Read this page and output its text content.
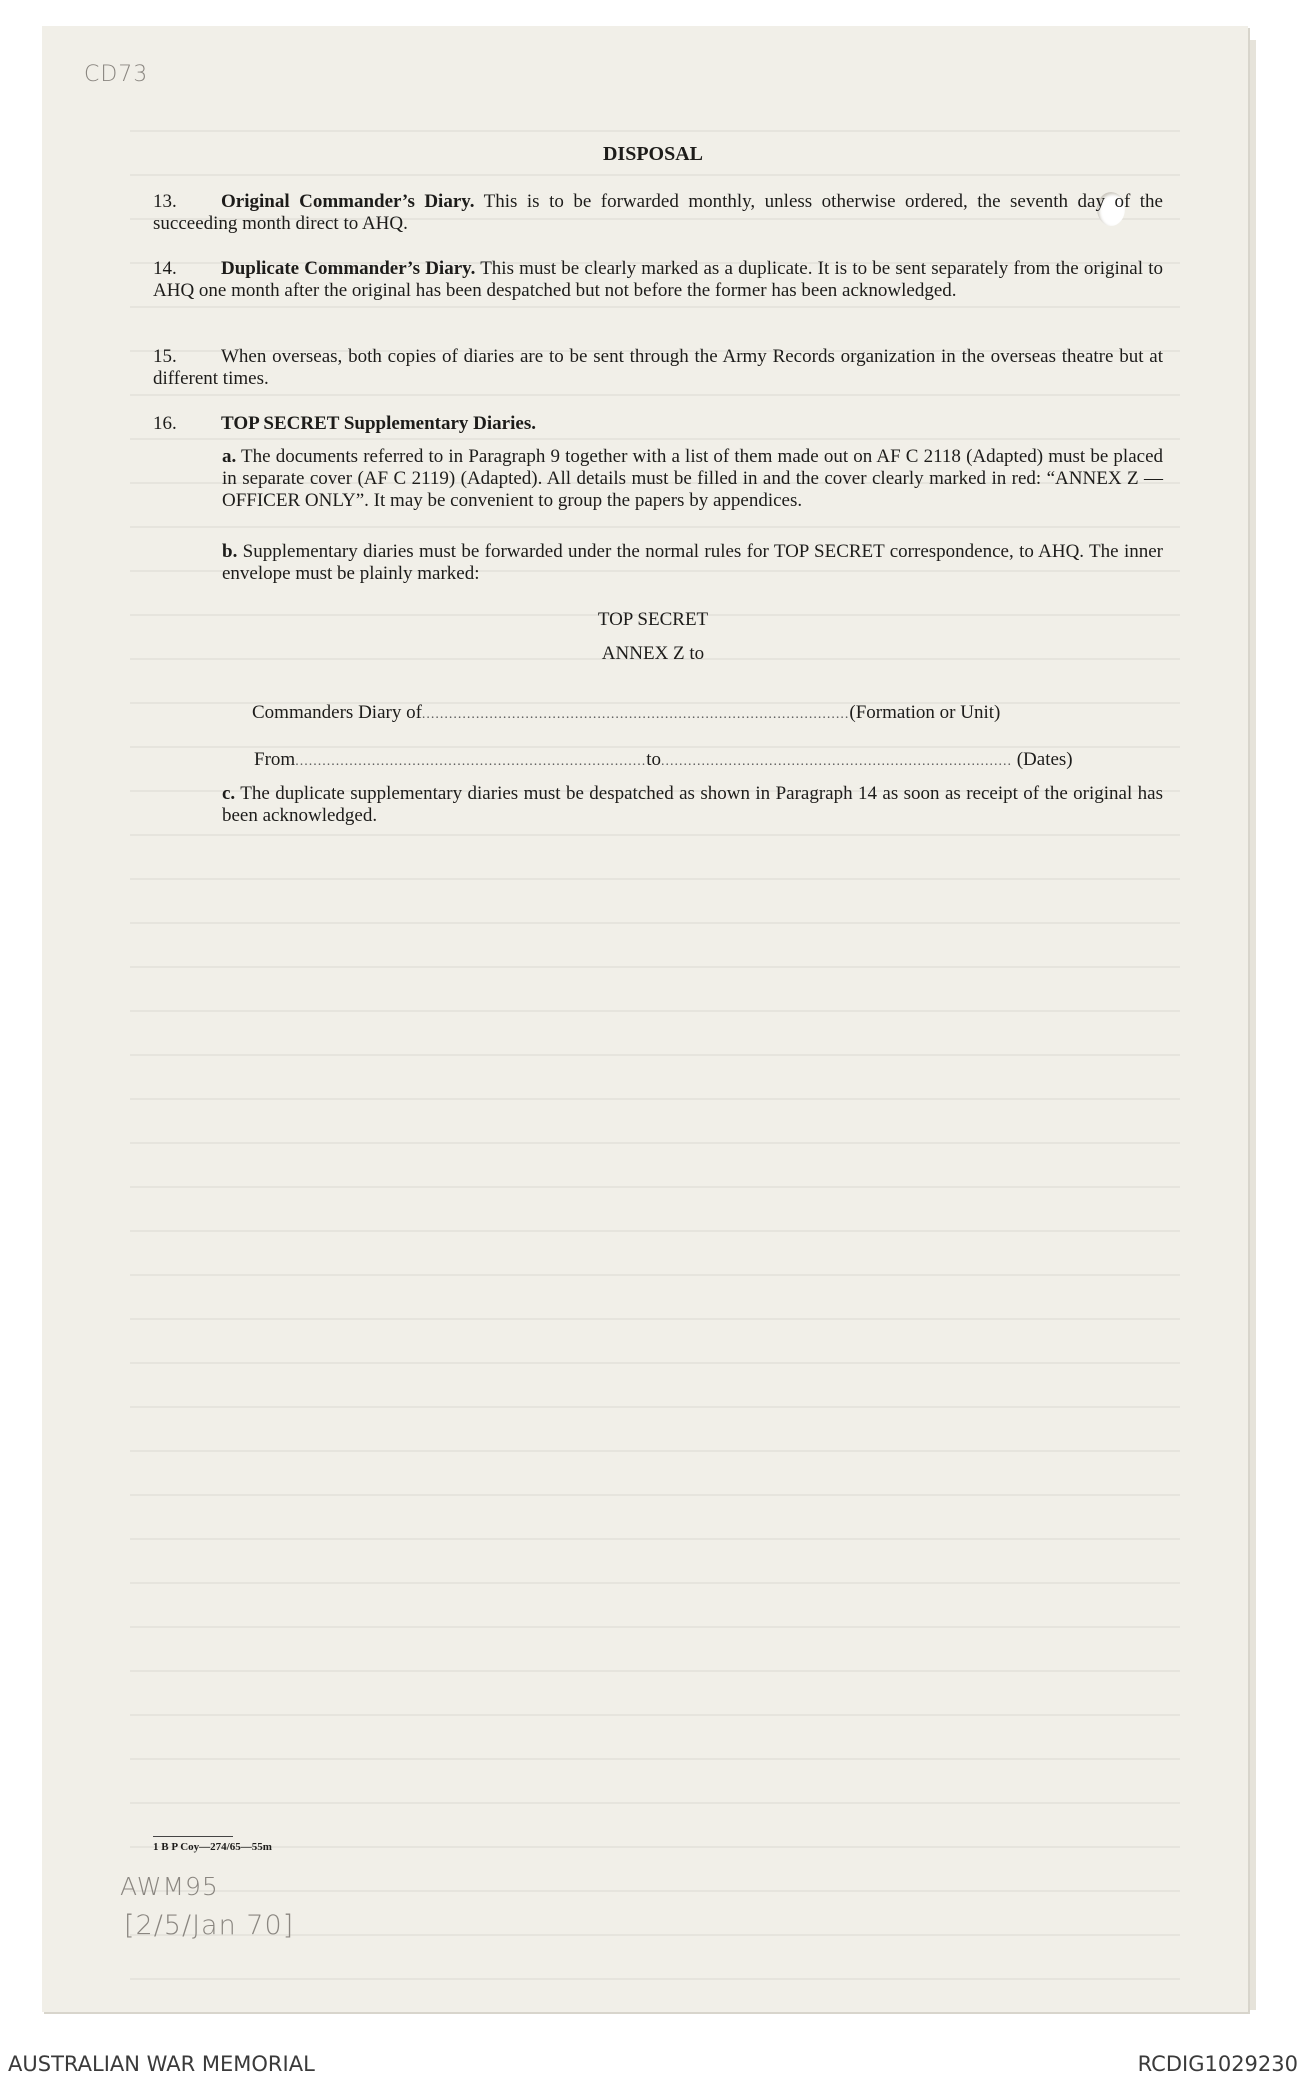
CD73
DISPOSAL
13. Original Commander’s Diary. This is to be forwarded monthly, unless otherwise ordered, the seventh day of the succeeding month direct to AHQ.
14. Duplicate Commander’s Diary. This must be clearly marked as a duplicate. It is to be sent separately from the original to AHQ one month after the original has been despatched but not before the former has been acknowledged.
15. When overseas, both copies of diaries are to be sent through the Army Records organization in the overseas theatre but at different times.
16. TOP SECRET Supplementary Diaries.
a. The documents referred to in Paragraph 9 together with a list of them made out on AF C 2118 (Adapted) must be placed in separate cover (AF C 2119) (Adapted). All details must be filled in and the cover clearly marked in red: “ANNEX Z — OFFICER ONLY”. It may be convenient to group the papers by appendices.
b. Supplementary diaries must be forwarded under the normal rules for TOP SECRET correspondence, to AHQ. The inner envelope must be plainly marked:
TOP SECRET
ANNEX Z to
Commanders Diary of...............................................................................................(Formation or Unit)
From..............................................................................to.............................................................................. (Dates)
c. The duplicate supplementary diaries must be despatched as shown in Paragraph 14 as soon as receipt of the original has been acknowledged.
1 B P Coy—274/65—55m
AWM95
[2/5/Jan 70]
AUSTRALIAN WAR MEMORIAL	RCDIG1029230
